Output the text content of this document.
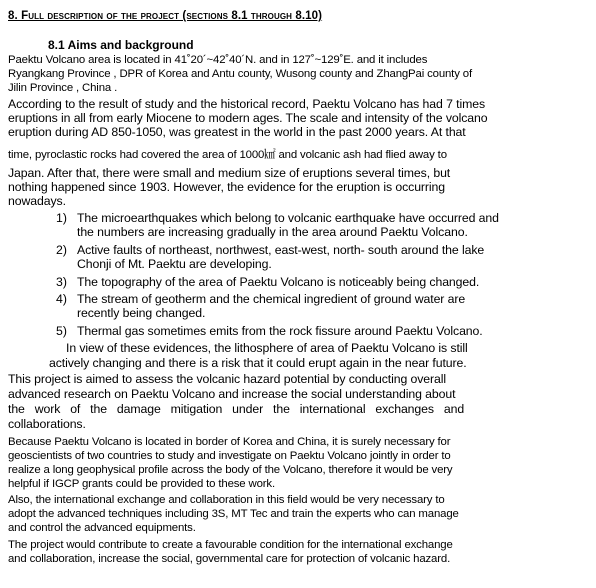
8. Full description of the project (sections 8.1 through 8.10)
8.1 Aims and background
Paektu Volcano area is located in 41˚20´~42˚40´N. and in 127˚~129˚E. and it includes
Ryangkang Province , DPR of Korea and Antu county, Wusong county and ZhangPai county of
Jilin Province , China .
According to the result of study and the historical record, Paektu Volcano has had 7 times
eruptions in all from early Miocene to modern ages. The scale and intensity of the volcano
eruption during AD 850-1050, was greatest in the world in the past 2000 years. At that
time, pyroclastic rocks had covered the area of 1000㎢ and volcanic ash had flied away to
Japan. After that, there were small and medium size of eruptions several times, but
nothing happened since 1903. However, the evidence for the eruption is occurring
nowadays.
1) The microearthquakes which belong to volcanic earthquake have occurred and
the numbers are increasing gradually in the area around Paektu Volcano.
2) Active faults of northeast, northwest, east-west, north- south around the lake
Chonji of Mt. Paektu are developing.
3) The topography of the area of Paektu Volcano is noticeably being changed.
4) The stream of geotherm and the chemical ingredient of ground water are
recently being changed.
5) Thermal gas sometimes emits from the rock fissure around Paektu Volcano.
In view of these evidences, the lithosphere of area of Paektu Volcano is still
actively changing and there is a risk that it could erupt again in the near future.
This project is aimed to assess the volcanic hazard potential by conducting overall
advanced research on Paektu Volcano and increase the social understanding about
the work of the damage mitigation under the international exchanges and
collaborations.
Because Paektu Volcano is located in border of Korea and China, it is surely necessary for
geoscientists of two countries to study and investigate on Paektu Volcano jointly in order to
realize a long geophysical profile across the body of the Volcano, therefore it would be very
helpful if IGCP grants could be provided to these work.
Also, the international exchange and collaboration in this field would be very necessary to
adopt the advanced techniques including 3S, MT Tec and train the experts who can manage
and control the advanced equipments.
The project would contribute to create a favourable condition for the international exchange
and collaboration, increase the social, governmental care for protection of volcanic hazard.
